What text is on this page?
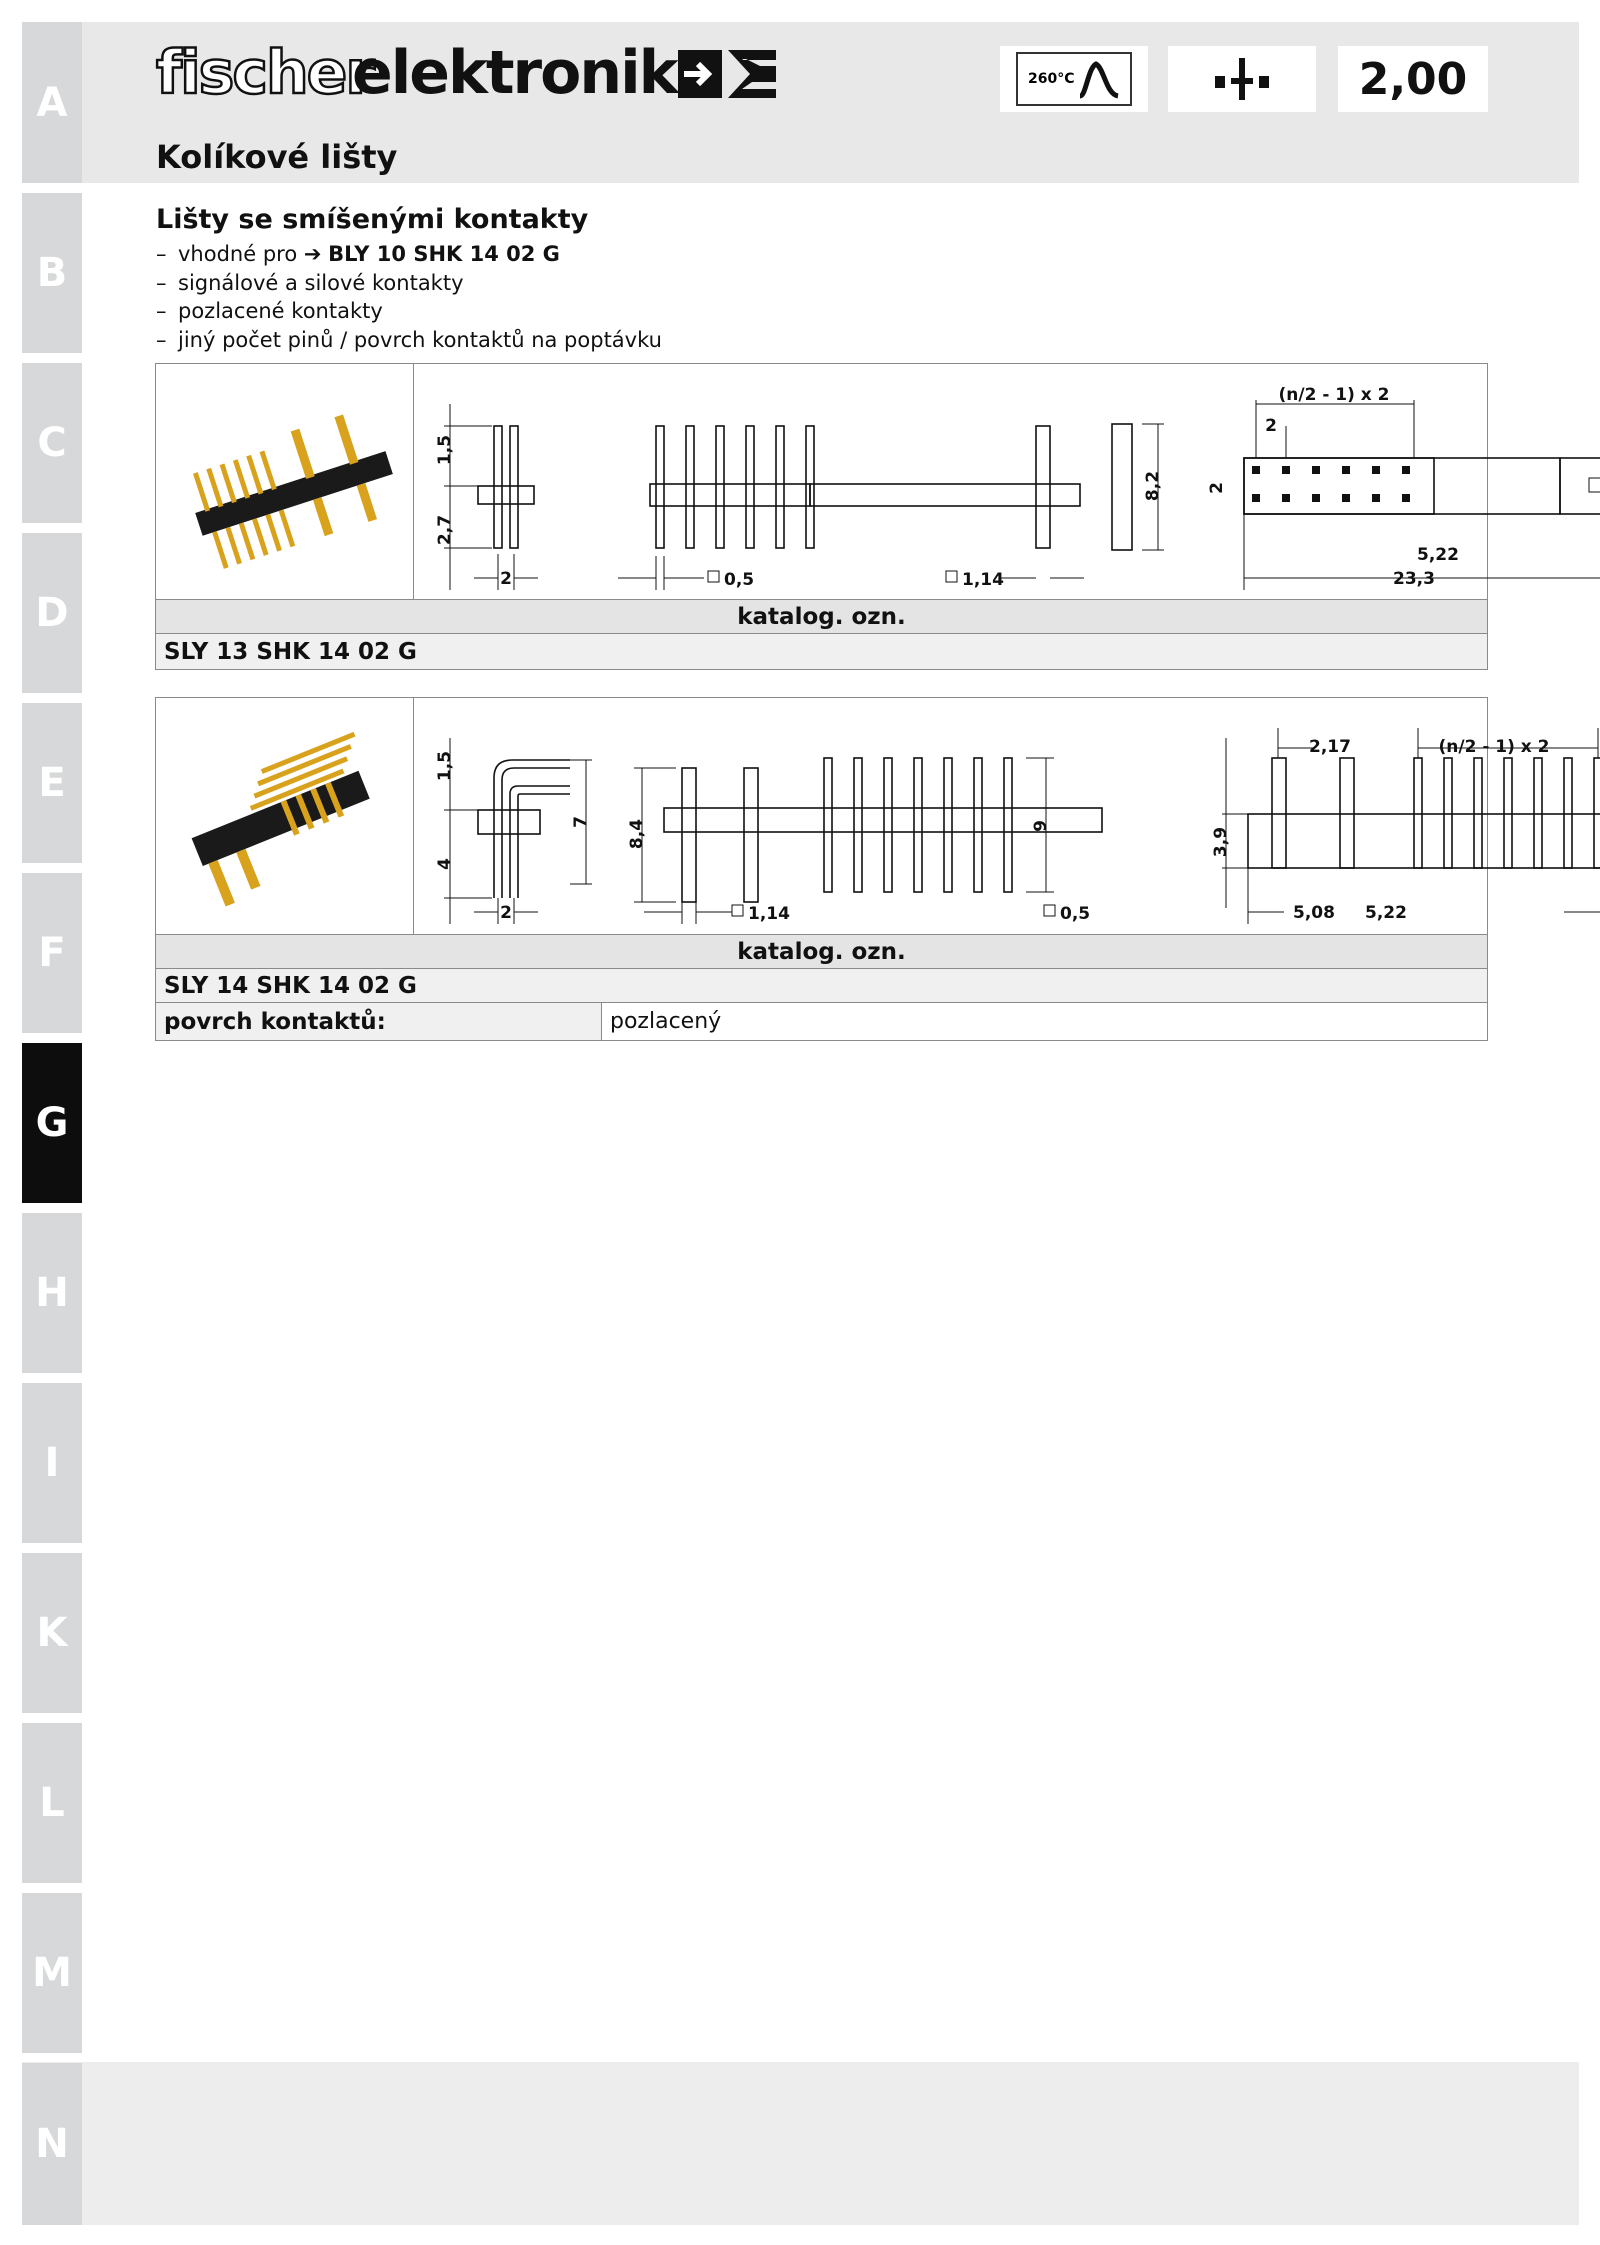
A
B
C
D
E
F
G
H
I
K
L
M
N
fischer
elektronik	260°C	2,00
Kolíkové lišty
Lišty se smíšenými kontakty
– vhodné pro ➔ BLY 10 SHK 14 02 G
– signálové a silové kontakty
– pozlacené kontakty
– jiný počet pinů / povrch kontaktů na poptávku
1,5
2,7
2
8,2
0,5	1,14
(n/2 - 1) x 2
2
2
5,22
23,3
katalog. ozn.
SLY 13 SHK 14 02 G
1,5
4
2
7 8,4	9
1,14	0,5
3,9
2,17	(n/2 - 1) x 2
5,08 5,22
katalog. ozn.
SLY 14 SHK 14 02 G
povrch kontaktů:	pozlacený
